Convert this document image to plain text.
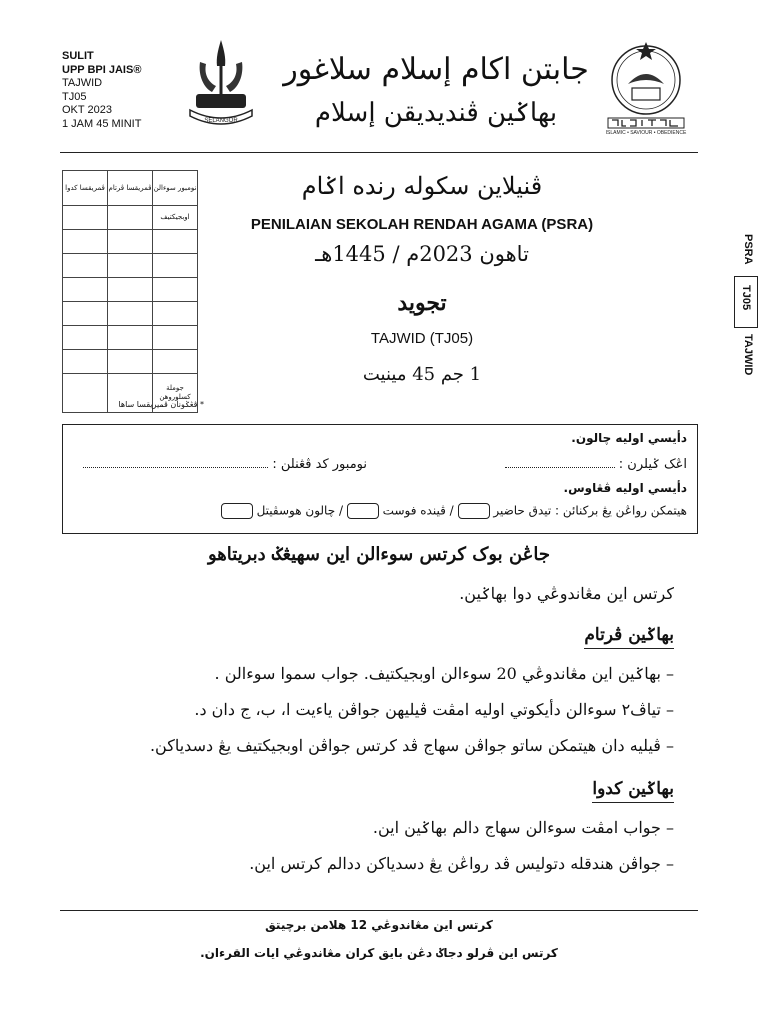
SULIT
UPP BPI JAIS®
TAJWID
TJ05
OKT 2023
1 JAM 45 MINIT	SELANGOR
جابتن اكام إسلام سلاغور
بهاݢين ڤنديديقن إسلام
ISLAMIC • SAVIOUR • OBEDIENCE
ڤمريقسا كدوا	ڤمريقسا ڤرتام	نومبور سوءالن
		اوبجيكتيف

		جوملة كسلوروهن
* ڤڠݢونأن ڤميريقسا ساها
ڤنيلاين سكوله رنده اݢام
PENILAIAN SEKOLAH RENDAH AGAMA (PSRA)
تاهون 2023م / 1445هـ
تجويد
TAJWID (TJ05)
1 جم 45 مينيت
PSRA
TJ05
TAJWID
دأيسي اوليه چالون.
اڠک ݢيلرن :
نومبور كد ڤڠنلن :
دأيسي اوليه ڤڠاوس.
هيتمكن رواڠن يڠ بركنائن : تيدق حاضير  / ڤينده فوست  / چالون هوسڤيتل
جاڠن بوک كرتس سوءالن اين سهيڠݢ دبريتاهو
كرتس اين مڠاندوڠي دوا بهاݢين.
بهاݢين ڤرتام
– بهاݢين اين مڠاندوڠي 20 سوءالن اوبجيكتيف. جواب سموا سوءالن .
– تياڤ٢ سوءالن دأيكوتي اوليه امڤت ڤيليهن جواڤن ياءيت ا، ب، ج دان د.
– ڤيليه دان هيتمكن ساتو جواڤن سهاج ڤد كرتس جواڤن اوبجيكتيف يڠ دسدياكن.
بهاݢين كدوا
– جواب امڤت سوءالن سهاج دالم بهاݢين اين.
– جواڤن هندقله دتوليس ڤد رواڠن يڠ دسدياكن ددالم كرتس اين.
كرتس اين مڠاندوڠي 12 هلامن برچيتق
كرتس اين ڤرلو دجاݢ دڠن بايق كران مڠاندوڠي ايات القرءان.
